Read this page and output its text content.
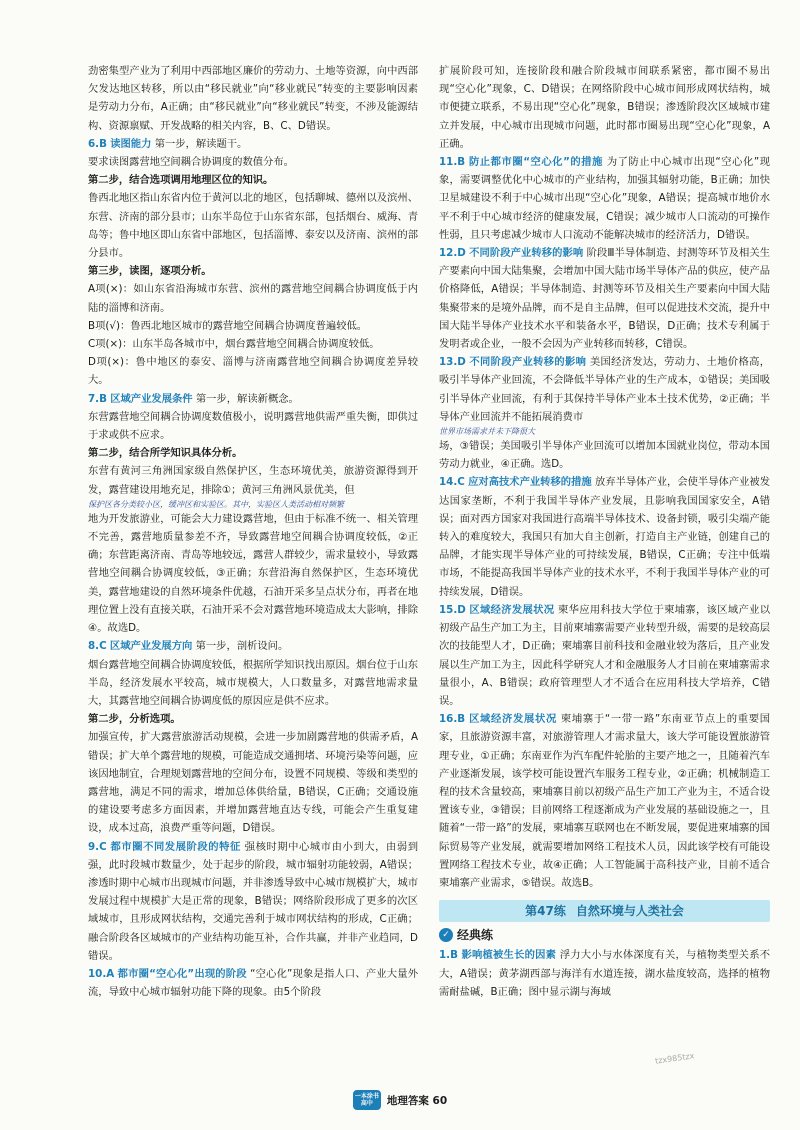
劲密集型产业为了利用中西部地区廉价的劳动力、土地等资源，向中西部欠发达地区转移，所以由“移民就业”向“移业就民”转变的主要影响因素是劳动力分布，A正确；由“移民就业”向“移业就民”转变，不涉及能源结构、资源禀赋、开发战略的相关内容，B、C、D错误。

6.B 读图能力 第一步，解读题干。

要求读图露营地空间耦合协调度的数值分布。

第二步，结合选项调用地理区位的知识。

鲁西北地区指山东省内位于黄河以北的地区，包括聊城、德州以及滨州、东营、济南的部分县市；山东半岛位于山东省东部，包括烟台、威海、青岛等；鲁中地区即山东省中部地区，包括淄博、泰安以及济南、滨州的部分县市。

第三步，读图，逐项分析。

A项(×)：如山东省沿海城市东营、滨州的露营地空间耦合协调度低于内陆的淄博和济南。

B项(√)：鲁西北地区城市的露营地空间耦合协调度普遍较低。

C项(×)：山东半岛各城市中，烟台露营地空间耦合协调度较低。

D项(×)：鲁中地区的泰安、淄博与济南露营地空间耦合协调度差异较大。

7.B 区域产业发展条件 第一步，解读新概念。

东营露营地空间耦合协调度数值极小，说明露营地供需严重失衡，即供过于求或供不应求。

第二步，结合所学知识具体分析。

东营有黄河三角洲国家级自然保护区，生态环境优美，旅游资源得到开发，露营建设用地充足，排除①；黄河三角洲风景优美，但

保护区各分类较小区，缓冲区和实验区。其中，实验区人类活动相对频繁

地为开发旅游业，可能会大力建设露营地，但由于标准不统一、相关管理不完善，露营地质量参差不齐，导致露营地空间耦合协调度较低，②正确；东营距离济南、青岛等地较远，露营人群较少，需求量较小，导致露营地空间耦合协调度较低，③正确；东营沿海自然保护区，生态环境优美，露营地建设的自然环境条件优越，石油开采多呈点状分布，再者在地理位置上没有直接关联，石油开采不会对露营地环境造成太大影响，排除④。故选D。

8.C 区域产业发展方向 第一步，剖析设问。

烟台露营地空间耦合协调度较低，根据所学知识找出原因。烟台位于山东半岛，经济发展水平较高，城市规模大，人口数量多，对露营地需求量大，其露营地空间耦合协调度低的原因应是供不应求。

第二步，分析选项。

加强宣传，扩大露营旅游活动规模，会进一步加剧露营地的供需矛盾，A错误；扩大单个露营地的规模，可能造成交通拥堵、环境污染等问题，应该因地制宜，合理规划露营地的空间分布，设置不同规模、等级和类型的露营地，满足不同的需求，增加总体供给量，B错误，C正确；交通设施的建设要考虑多方面因素，并增加露营地直达专线，可能会产生重复建设，成本过高，浪费严重等问题，D错误。

9.C 都市圈不同发展阶段的特征 强核时期中心城市由小到大，由弱到强，此时段城市数量少，处于起步的阶段，城市辐射功能较弱，A错误；渗透时期中心城市出现城市问题，并非渗透导致中心城市规模扩大，城市发展过程中规模扩大是正常的现象，B错误；网络阶段形成了更多的次区域城市，且形成网状结构，交通完善利于城市网状结构的形成，C正确；融合阶段各区域城市的产业结构功能互补，合作共赢，并非产业趋同，D错误。

10.A 都市圈“空心化”出现的阶段 “空心化”现象是指人口、产业大量外流，导致中心城市辐射功能下降的现象。由5个阶段

扩展阶段可知，连接阶段和融合阶段城市间联系紧密，都市圈不易出现“空心化”现象，C、D错误；在网络阶段中心城市间形成网状结构，城市便捷立联系，不易出现“空心化”现象，B错误；渗透阶段次区域城市建立并发展，中心城市出现城市问题，此时都市圈易出现“空心化”现象，A正确。

11.B 防止都市圈“空心化”的措施 为了防止中心城市出现“空心化”现象，需要调整优化中心城市的产业结构，加强其辐射功能，B正确；加快卫星城建设不利于中心城市出现“空心化”现象，A错误；提高城市地价水平不利于中心城市经济的健康发展，C错误；减少城市人口流动的可操作性弱，且只考虑减少城市人口流动不能解决城市的经济活力，D错误。

12.D 不同阶段产业转移的影响 阶段Ⅲ半导体制造、封测等环节及相关生产要素向中国大陆集聚，会增加中国大陆市场半导体产品的供应，使产品价格降低，A错误；半导体制造、封测等环节及相关生产要素向中国大陆集聚带来的是境外品牌，而不是自主品牌，但可以促进技术交流，提升中国大陆半导体产业技术水平和装备水平，B错误，D正确；技术专利属于发明者或企业，一般不会因为产业转移而转移，C错误。

13.D 不同阶段产业转移的影响 美国经济发达，劳动力、土地价格高，吸引半导体产业回流，不会降低半导体产业的生产成本，①错误；美国吸引半导体产业回流，有利于其保持半导体产业本土技术优势，②正确；半导体产业回流并不能拓展消费市

世界市场需求并未下降很大

场，③错误；美国吸引半导体产业回流可以增加本国就业岗位，带动本国劳动力就业，④正确。选D。

14.C 应对高技术产业转移的措施 放弃半导体产业，会使半导体产业被发达国家垄断，不利于我国半导体产业发展，且影响我国国家安全，A错误；面对西方国家对我国进行高端半导体技术、设备封锁，吸引尖端产能转入的难度较大，我国只有加大自主创新，打造自主产业链，创建自己的品牌，才能实现半导体产业的可持续发展，B错误，C正确；专注中低端市场，不能提高我国半导体产业的技术水平，不利于我国半导体产业的可持续发展，D错误。

15.D 区域经济发展状况 柬华应用科技大学位于柬埔寨，该区域产业以初级产品生产加工为主，目前柬埔寨需要产业转型升级，需要的是较高层次的技能型人才，D正确；柬埔寨目前科技和金融业较为落后，且产业发展以生产加工为主，因此科学研究人才和金融服务人才目前在柬埔寨需求量很小，A、B错误；政府管理型人才不适合在应用科技大学培养，C错误。

16.B 区域经济发展状况 柬埔寨于“一带一路”东南亚节点上的重要国家，且旅游资源丰富，对旅游管理人才需求量大，该大学可能设置旅游管理专业，①正确；东南亚作为汽车配件轮胎的主要产地之一，且随着汽车产业逐渐发展，该学校可能设置汽车服务工程专业，②正确；机械制造工程的技术含量较高，柬埔寨目前以初级产品生产加工产业为主，不适合设置该专业，③错误；目前网络工程逐渐成为产业发展的基础设施之一，且随着“一带一路”的发展，柬埔寨互联网也在不断发展，要促进柬埔寨的国际贸易等产业发展，就需要增加网络工程技术人员，因此该学校有可能设置网络工程技术专业，故④正确；人工智能属于高科技产业，目前不适合柬埔寨产业需求，⑤错误。故选B。

第47练 自然环境与人类社会
✓ 经典练

1.B 影响植被生长的因素 浮力大小与水体深度有关，与植物类型关系不大，A错误；黄茅湖西部与海洋有水道连接，湖水盐度较高，选择的植物需耐盐碱，B正确；图中显示湖与海域

一本涂书 高中	地理答案 60
tzx985tzx
